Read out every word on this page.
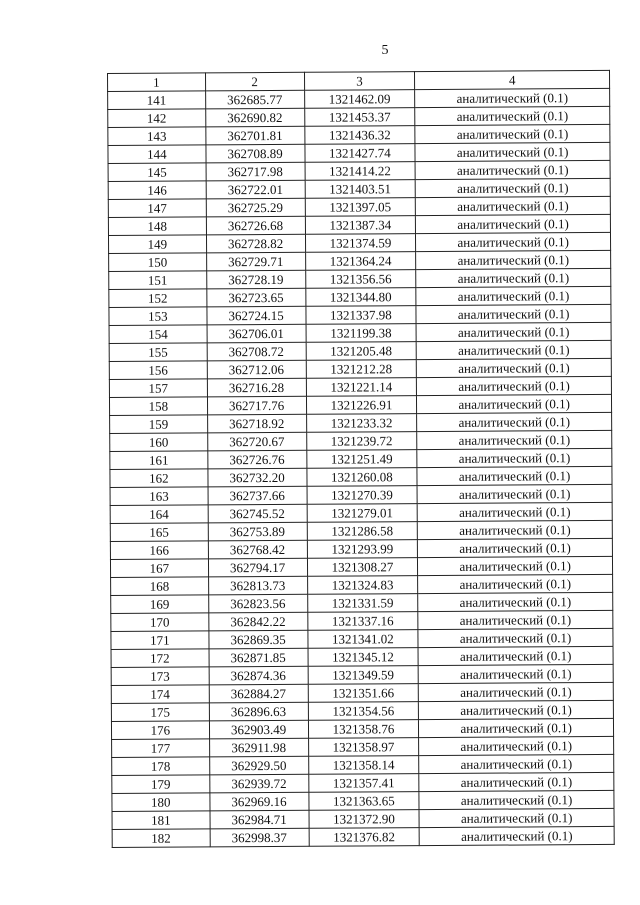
5
1	2	3	4
141	362685.77	1321462.09	аналитический (0.1)
142	362690.82	1321453.37	аналитический (0.1)
143	362701.81	1321436.32	аналитический (0.1)
144	362708.89	1321427.74	аналитический (0.1)
145	362717.98	1321414.22	аналитический (0.1)
146	362722.01	1321403.51	аналитический (0.1)
147	362725.29	1321397.05	аналитический (0.1)
148	362726.68	1321387.34	аналитический (0.1)
149	362728.82	1321374.59	аналитический (0.1)
150	362729.71	1321364.24	аналитический (0.1)
151	362728.19	1321356.56	аналитический (0.1)
152	362723.65	1321344.80	аналитический (0.1)
153	362724.15	1321337.98	аналитический (0.1)
154	362706.01	1321199.38	аналитический (0.1)
155	362708.72	1321205.48	аналитический (0.1)
156	362712.06	1321212.28	аналитический (0.1)
157	362716.28	1321221.14	аналитический (0.1)
158	362717.76	1321226.91	аналитический (0.1)
159	362718.92	1321233.32	аналитический (0.1)
160	362720.67	1321239.72	аналитический (0.1)
161	362726.76	1321251.49	аналитический (0.1)
162	362732.20	1321260.08	аналитический (0.1)
163	362737.66	1321270.39	аналитический (0.1)
164	362745.52	1321279.01	аналитический (0.1)
165	362753.89	1321286.58	аналитический (0.1)
166	362768.42	1321293.99	аналитический (0.1)
167	362794.17	1321308.27	аналитический (0.1)
168	362813.73	1321324.83	аналитический (0.1)
169	362823.56	1321331.59	аналитический (0.1)
170	362842.22	1321337.16	аналитический (0.1)
171	362869.35	1321341.02	аналитический (0.1)
172	362871.85	1321345.12	аналитический (0.1)
173	362874.36	1321349.59	аналитический (0.1)
174	362884.27	1321351.66	аналитический (0.1)
175	362896.63	1321354.56	аналитический (0.1)
176	362903.49	1321358.76	аналитический (0.1)
177	362911.98	1321358.97	аналитический (0.1)
178	362929.50	1321358.14	аналитический (0.1)
179	362939.72	1321357.41	аналитический (0.1)
180	362969.16	1321363.65	аналитический (0.1)
181	362984.71	1321372.90	аналитический (0.1)
182	362998.37	1321376.82	аналитический (0.1)
